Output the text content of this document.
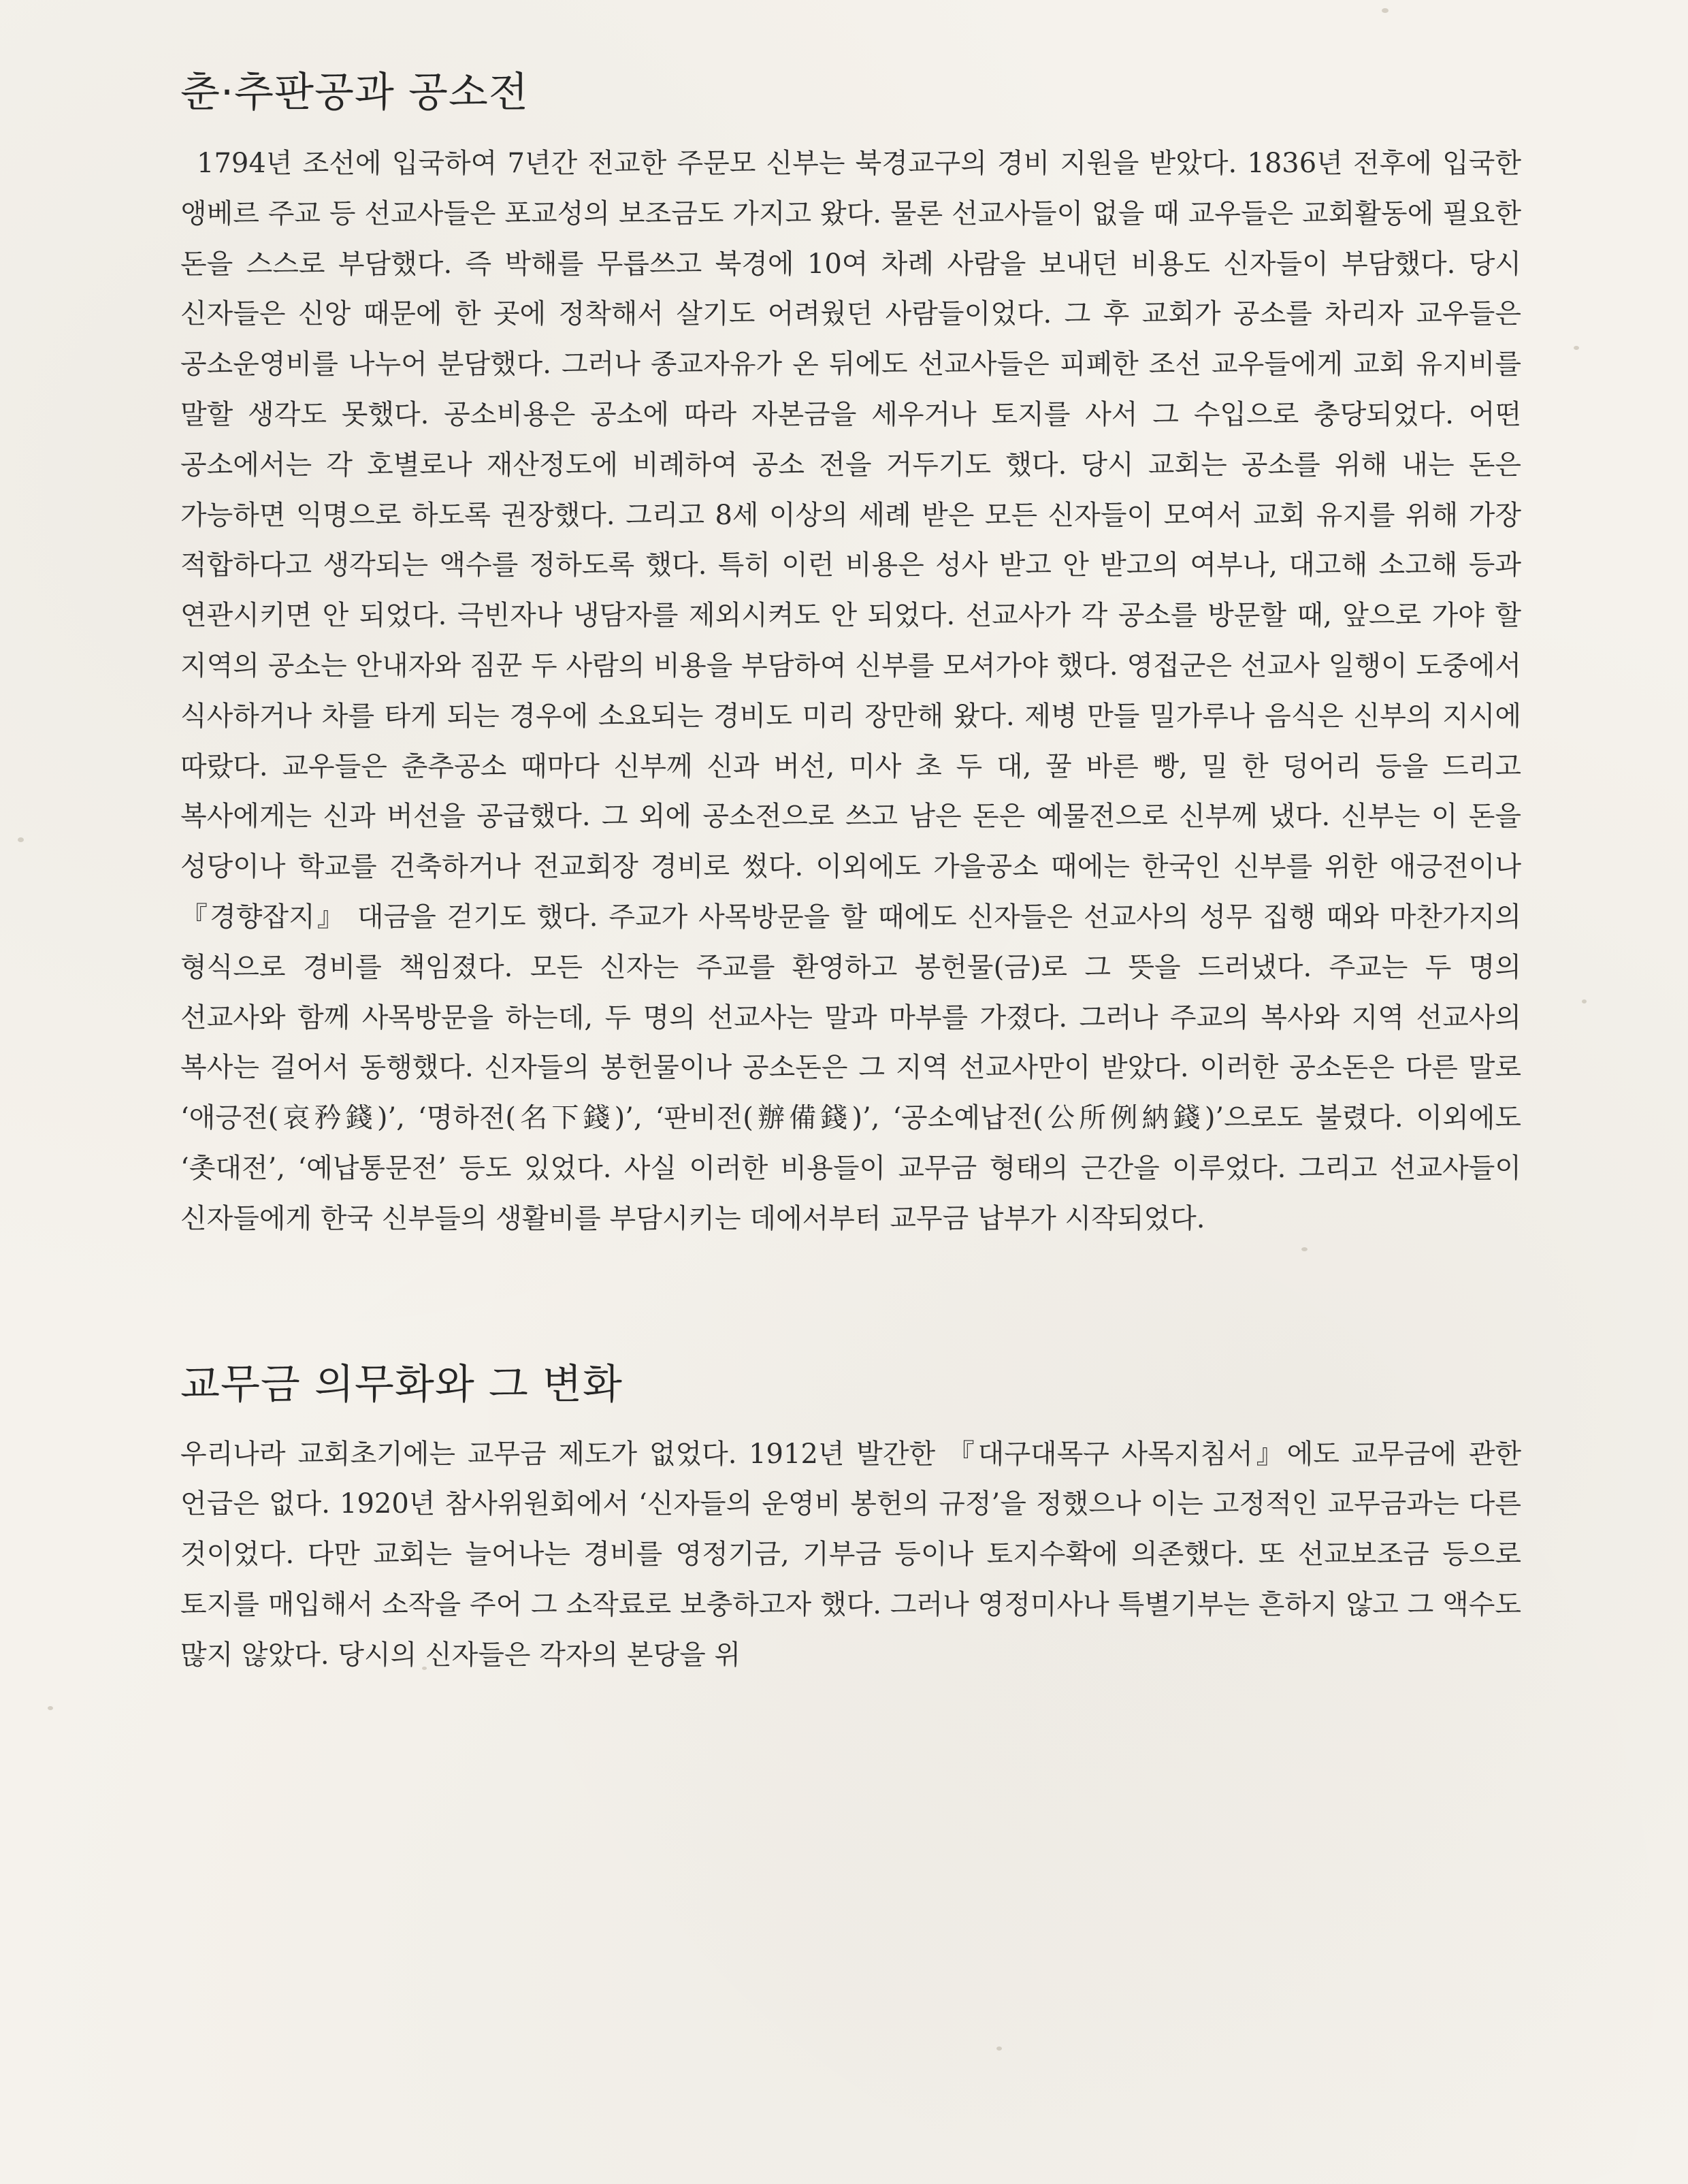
춘·추판공과 공소전

1794년 조선에 입국하여 7년간 전교한 주문모 신부는 북경교구의 경비 지원을 받았다. 1836년 전후에 입국한 앵베르 주교 등 선교사들은 포교성의 보조금도 가지고 왔다. 물론 선교사들이 없을 때 교우들은 교회활동에 필요한 돈을 스스로 부담했다. 즉 박해를 무릅쓰고 북경에 10여 차례 사람을 보내던 비용도 신자들이 부담했다. 당시 신자들은 신앙 때문에 한 곳에 정착해서 살기도 어려웠던 사람들이었다. 그 후 교회가 공소를 차리자 교우들은 공소운영비를 나누어 분담했다. 그러나 종교자유가 온 뒤에도 선교사들은 피폐한 조선 교우들에게 교회 유지비를 말할 생각도 못했다. 공소비용은 공소에 따라 자본금을 세우거나 토지를 사서 그 수입으로 충당되었다. 어떤 공소에서는 각 호별로나 재산정도에 비례하여 공소 전을 거두기도 했다. 당시 교회는 공소를 위해 내는 돈은 가능하면 익명으로 하도록 권장했다. 그리고 8세 이상의 세례 받은 모든 신자들이 모여서 교회 유지를 위해 가장 적합하다고 생각되는 액수를 정하도록 했다. 특히 이런 비용은 성사 받고 안 받고의 여부나, 대고해 소고해 등과 연관시키면 안 되었다. 극빈자나 냉담자를 제외시켜도 안 되었다. 선교사가 각 공소를 방문할 때, 앞으로 가야 할 지역의 공소는 안내자와 짐꾼 두 사람의 비용을 부담하여 신부를 모셔가야 했다. 영접군은 선교사 일행이 도중에서 식사하거나 차를 타게 되는 경우에 소요되는 경비도 미리 장만해 왔다. 제병 만들 밀가루나 음식은 신부의 지시에 따랐다. 교우들은 춘추공소 때마다 신부께 신과 버선, 미사 초 두 대, 꿀 바른 빵, 밀 한 덩어리 등을 드리고 복사에게는 신과 버선을 공급했다. 그 외에 공소전으로 쓰고 남은 돈은 예물전으로 신부께 냈다. 신부는 이 돈을 성당이나 학교를 건축하거나 전교회장 경비로 썼다. 이외에도 가을공소 때에는 한국인 신부를 위한 애긍전이나 『경향잡지』 대금을 걷기도 했다. 주교가 사목방문을 할 때에도 신자들은 선교사의 성무 집행 때와 마찬가지의 형식으로 경비를 책임졌다. 모든 신자는 주교를 환영하고 봉헌물(금)로 그 뜻을 드러냈다. 주교는 두 명의 선교사와 함께 사목방문을 하는데, 두 명의 선교사는 말과 마부를 가졌다. 그러나 주교의 복사와 지역 선교사의 복사는 걸어서 동행했다. 신자들의 봉헌물이나 공소돈은 그 지역 선교사만이 받았다. 이러한 공소돈은 다른 말로 ‘애긍전(哀矜錢)’, ‘명하전(名下錢)’, ‘판비전(辦備錢)’, ‘공소예납전(公所例納錢)’으로도 불렸다. 이외에도 ‘촛대전’, ‘예납통문전’ 등도 있었다. 사실 이러한 비용들이 교무금 형태의 근간을 이루었다. 그리고 선교사들이 신자들에게 한국 신부들의 생활비를 부담시키는 데에서부터 교무금 납부가 시작되었다.

교무금 의무화와 그 변화

우리나라 교회초기에는 교무금 제도가 없었다. 1912년 발간한 『대구대목구 사목지침서』에도 교무금에 관한 언급은 없다. 1920년 참사위원회에서 ‘신자들의 운영비 봉헌의 규정’을 정했으나 이는 고정적인 교무금과는 다른 것이었다. 다만 교회는 늘어나는 경비를 영정기금, 기부금 등이나 토지수확에 의존했다. 또 선교보조금 등으로 토지를 매입해서 소작을 주어 그 소작료로 보충하고자 했다. 그러나 영정미사나 특별기부는 흔하지 않고 그 액수도 많지 않았다. 당시의 신자들은 각자의 본당을 위
